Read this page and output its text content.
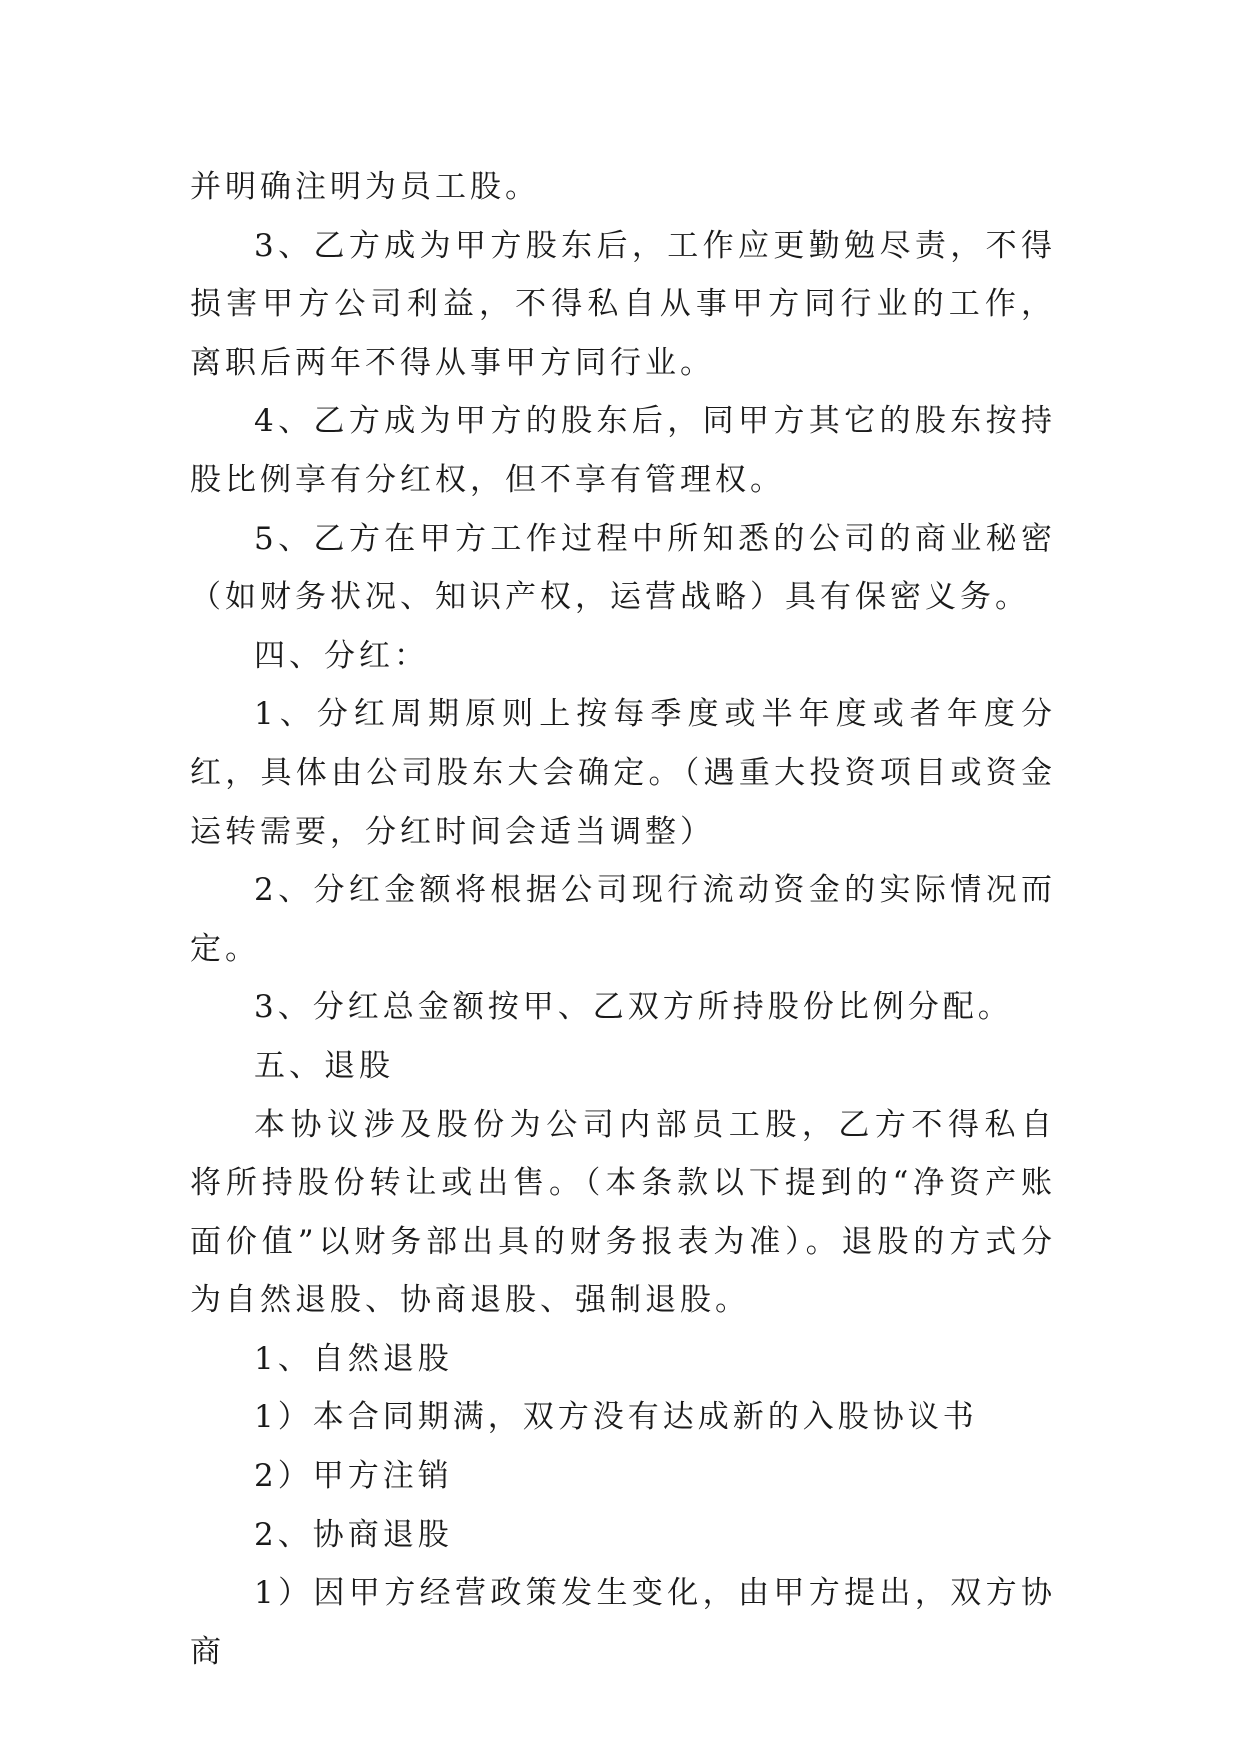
并明确注明为员工股。

3、乙方成为甲方股东后，工作应更勤勉尽责，不得损害甲方公司利益，不得私自从事甲方同行业的工作，离职后两年不得从事甲方同行业。

4、乙方成为甲方的股东后，同甲方其它的股东按持股比例享有分红权，但不享有管理权。

5、乙方在甲方工作过程中所知悉的公司的商业秘密（如财务状况、知识产权，运营战略）具有保密义务。

四、分红：

1、分红周期原则上按每季度或半年度或者年度分红，具体由公司股东大会确定。（遇重大投资项目或资金运转需要，分红时间会适当调整）

2、分红金额将根据公司现行流动资金的实际情况而定。

3、分红总金额按甲、乙双方所持股份比例分配。

五、退股

本协议涉及股份为公司内部员工股，乙方不得私自将所持股份转让或出售。（本条款以下提到的“净资产账面价值”以财务部出具的财务报表为准）。退股的方式分为自然退股、协商退股、强制退股。

1、自然退股

1）本合同期满，双方没有达成新的入股协议书

2）甲方注销

2、协商退股

1）因甲方经营政策发生变化，由甲方提出，双方协商
